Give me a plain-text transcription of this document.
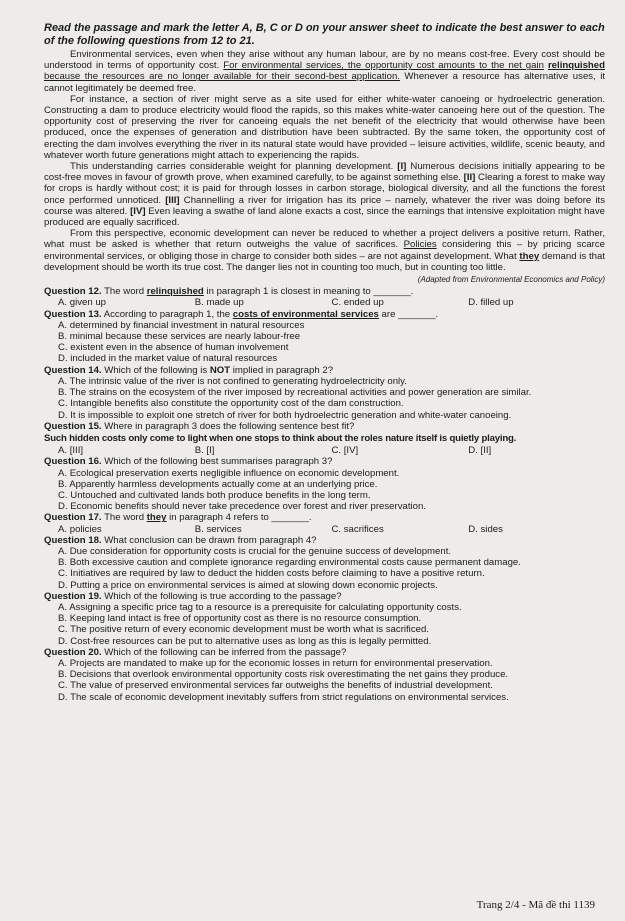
Read the passage and mark the letter A, B, C or D on your answer sheet to indicate the best answer to each of the following questions from 12 to 21.

Environmental services, even when they arise without any human labour, are by no means cost-free. Every cost should be understood in terms of opportunity cost. For environmental services, the opportunity cost amounts to the net gain relinquished because the resources are no longer available for their second-best application. Whenever a resource has alternative uses, it cannot legitimately be deemed free.

For instance, a section of river might serve as a site used for either white-water canoeing or hydroelectric generation. Constructing a dam to produce electricity would flood the rapids, so this makes white-water canoeing here out of the question. The opportunity cost of preserving the river for canoeing equals the net benefit of the electricity that would otherwise have been produced, once the expenses of generation and distribution have been subtracted. By the same token, the opportunity cost of erecting the dam involves everything the river in its natural state would have provided – leisure activities, wildlife, scenic beauty, and whatever worth future generations might attach to experiencing the rapids.

This understanding carries considerable weight for planning development. [I] Numerous decisions initially appearing to be cost-free moves in favour of growth prove, when examined carefully, to be against something else. [II] Clearing a forest to make way for crops is hardly without cost; it is paid for through losses in carbon storage, biological diversity, and all the functions the forest once performed unnoticed. [III] Channelling a river for irrigation has its price – namely, whatever the river was doing before its course was altered. [IV] Even leaving a swathe of land alone exacts a cost, since the earnings that intensive exploitation might have produced are equally sacrificed.

From this perspective, economic development can never be reduced to whether a project delivers a positive return. Rather, what must be asked is whether that return outweighs the value of sacrifices. Policies considering this – by pricing scarce environmental services, or obliging those in charge to consider both sides – are not against development. What they demand is that development should be worth its true cost. The danger lies not in counting too much, but in counting too little.

(Adapted from Environmental Economics and Policy)
Question 12. The word relinquished in paragraph 1 is closest in meaning to _______.
A. given up	B. made up	C. ended up	D. filled up
Question 13. According to paragraph 1, the costs of environmental services are _______.
A. determined by financial investment in natural resources
B. minimal because these services are nearly labour-free
C. existent even in the absence of human involvement
D. included in the market value of natural resources
Question 14. Which of the following is NOT implied in paragraph 2?
A. The intrinsic value of the river is not confined to generating hydroelectricity only.
B. The strains on the ecosystem of the river imposed by recreational activities and power generation are similar.
C. Intangible benefits also constitute the opportunity cost of the dam construction.
D. It is impossible to exploit one stretch of river for both hydroelectric generation and white-water canoeing.
Question 15. Where in paragraph 3 does the following sentence best fit?
Such hidden costs only come to light when one stops to think about the roles nature itself is quietly playing.
A. [III]	B. [I]	C. [IV]	D. [II]
Question 16. Which of the following best summarises paragraph 3?
A. Ecological preservation exerts negligible influence on economic development.
B. Apparently harmless developments actually come at an underlying price.
C. Untouched and cultivated lands both produce benefits in the long term.
D. Economic benefits should never take precedence over forest and river preservation.
Question 17. The word they in paragraph 4 refers to _______.
A. policies	B. services	C. sacrifices	D. sides
Question 18. What conclusion can be drawn from paragraph 4?
A. Due consideration for opportunity costs is crucial for the genuine success of development.
B. Both excessive caution and complete ignorance regarding environmental costs cause permanent damage.
C. Initiatives are required by law to deduct the hidden costs before claiming to have a positive return.
D. Putting a price on environmental services is aimed at slowing down economic projects.
Question 19. Which of the following is true according to the passage?
A. Assigning a specific price tag to a resource is a prerequisite for calculating opportunity costs.
B. Keeping land intact is free of opportunity cost as there is no resource consumption.
C. The positive return of every economic development must be worth what is sacrificed.
D. Cost-free resources can be put to alternative uses as long as this is legally permitted.
Question 20. Which of the following can be inferred from the passage?
A. Projects are mandated to make up for the economic losses in return for environmental preservation.
B. Decisions that overlook environmental opportunity costs risk overestimating the net gains they produce.
C. The value of preserved environmental services far outweighs the benefits of industrial development.
D. The scale of economic development inevitably suffers from strict regulations on environmental services.
Trang 2/4 - Mã đề thi 1139
